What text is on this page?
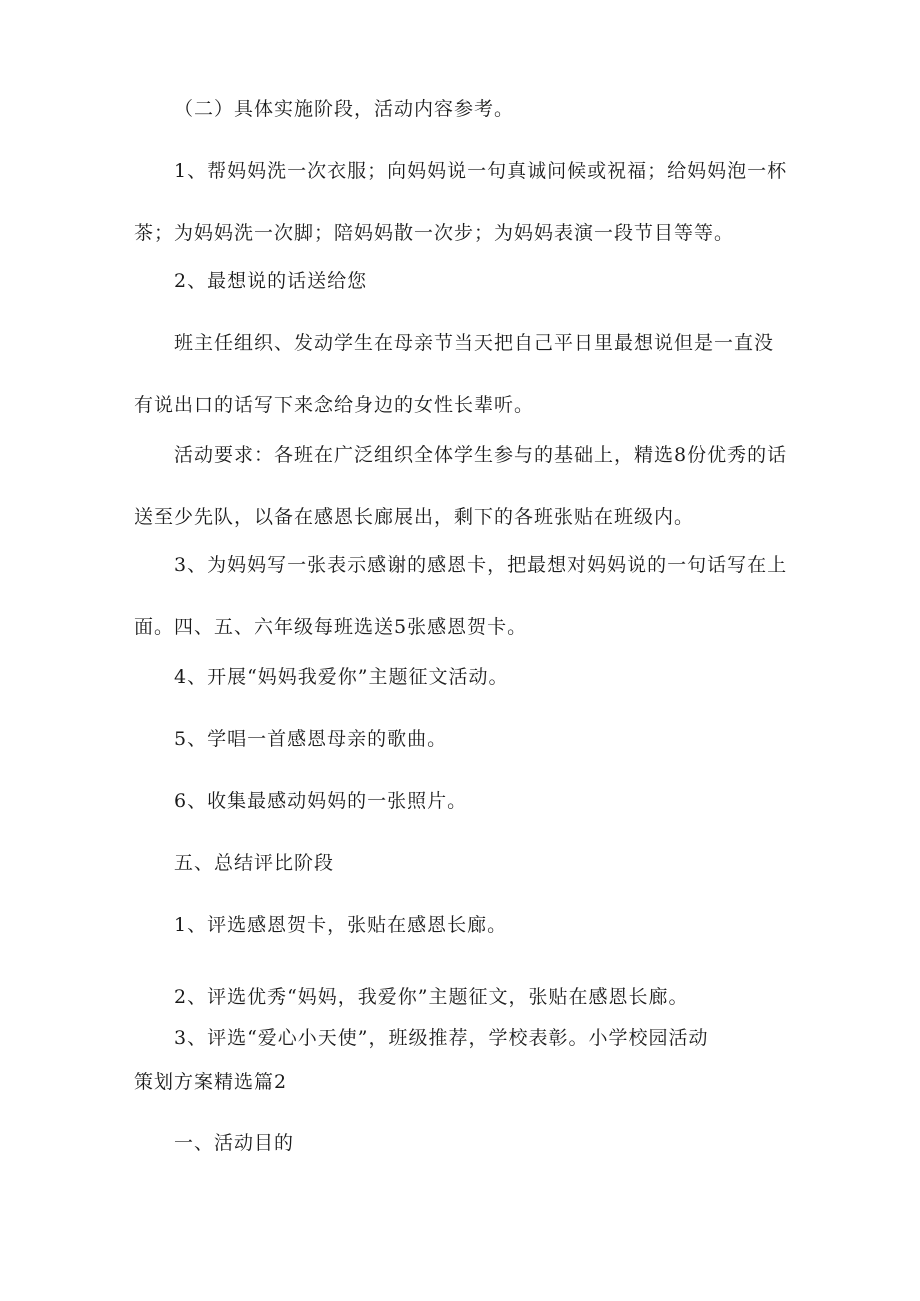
（二）具体实施阶段，活动内容参考。
1、帮妈妈洗一次衣服；向妈妈说一句真诚问候或祝福；给妈妈泡一杯
茶；为妈妈洗一次脚；陪妈妈散一次步；为妈妈表演一段节目等等。
2、最想说的话送给您
班主任组织、发动学生在母亲节当天把自己平日里最想说但是一直没
有说出口的话写下来念给身边的女性长辈听。
活动要求：各班在广泛组织全体学生参与的基础上，精选8份优秀的话
送至少先队，以备在感恩长廊展出，剩下的各班张贴在班级内。
3、为妈妈写一张表示感谢的感恩卡，把最想对妈妈说的一句话写在上
面。四、五、六年级每班选送5张感恩贺卡。
4、开展“妈妈我爱你”主题征文活动。
5、学唱一首感恩母亲的歌曲。
6、收集最感动妈妈的一张照片。
五、总结评比阶段
1、评选感恩贺卡，张贴在感恩长廊。
2、评选优秀“妈妈，我爱你”主题征文，张贴在感恩长廊。
3、评选“爱心小天使”，班级推荐，学校表彰。小学校园活动
策划方案精选篇2
一、活动目的
